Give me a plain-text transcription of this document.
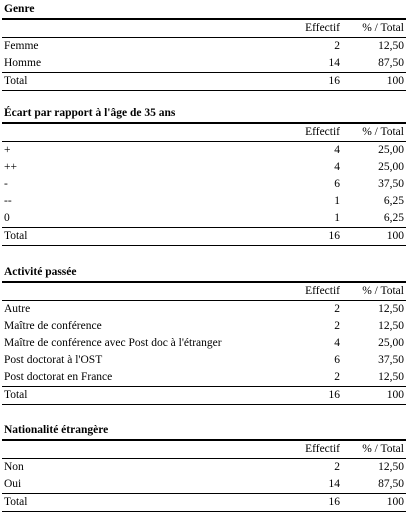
Genre
	Effectif	% / Total
Femme	2	12,50
Homme	14	87,50
Total	16	100
Écart par rapport à l'âge de 35 ans
	Effectif	% / Total
+	4	25,00
++	4	25,00
-	6	37,50
--	1	6,25
0	1	6,25
Total	16	100
Activité passée
	Effectif	% / Total
Autre	2	12,50
Maître de conférence	2	12,50
Maître de conférence avec Post doc à l'étranger	4	25,00
Post doctorat à l'OST	6	37,50
Post doctorat en France	2	12,50
Total	16	100
Nationalité étrangère
	Effectif	% / Total
Non	2	12,50
Oui	14	87,50
Total	16	100
